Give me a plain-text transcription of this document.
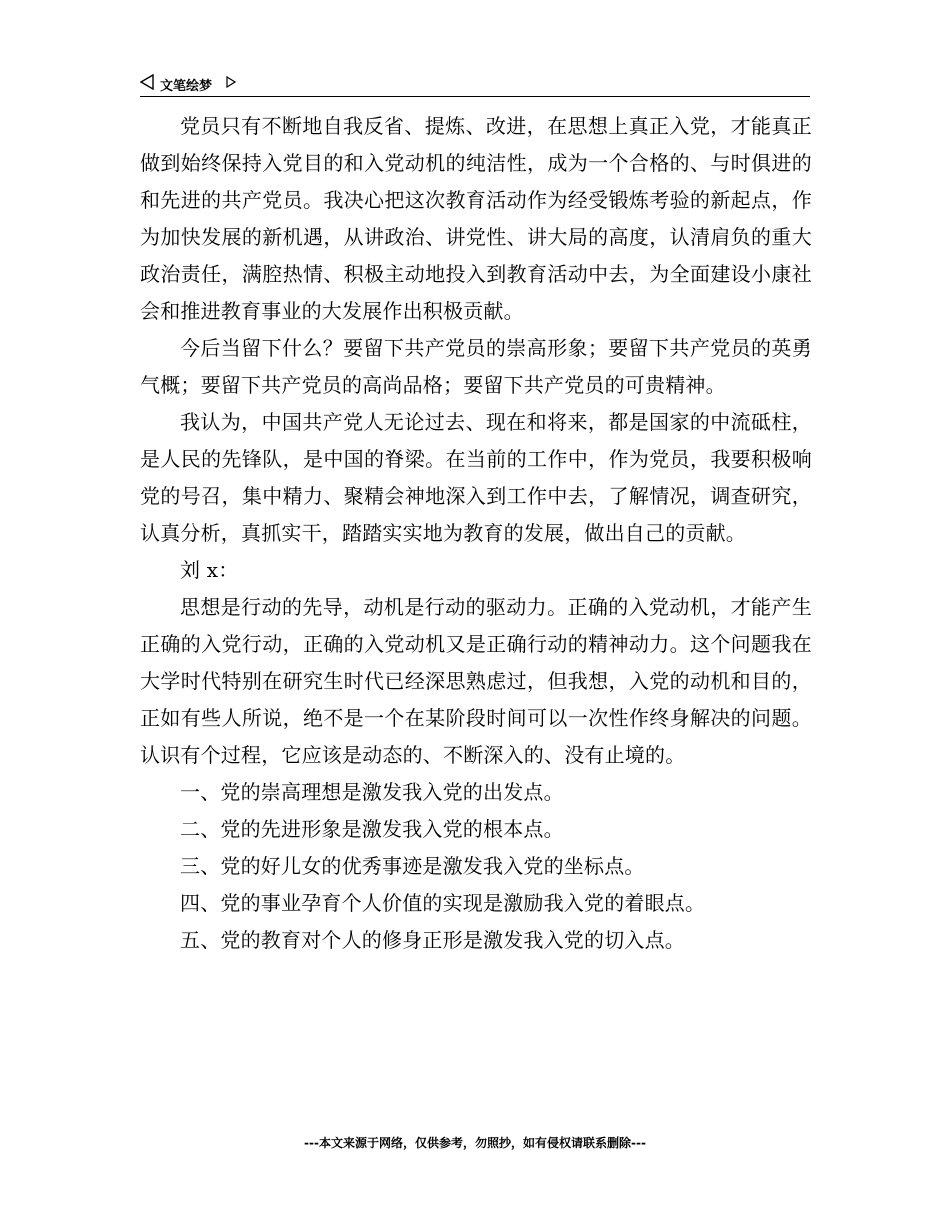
文笔绘梦

党员只有不断地自我反省、提炼、改进，在思想上真正入党，才能真正做到始终保持入党目的和入党动机的纯洁性，成为一个合格的、与时俱进的和先进的共产党员。我决心把这次教育活动作为经受锻炼考验的新起点，作为加快发展的新机遇，从讲政治、讲党性、讲大局的高度，认清肩负的重大政治责任，满腔热情、积极主动地投入到教育活动中去，为全面建设小康社会和推进教育事业的大发展作出积极贡献。

今后当留下什么？要留下共产党员的崇高形象；要留下共产党员的英勇气概；要留下共产党员的高尚品格；要留下共产党员的可贵精神。

我认为，中国共产党人无论过去、现在和将来，都是国家的中流砥柱，是人民的先锋队，是中国的脊梁。在当前的工作中，作为党员，我要积极响党的号召，集中精力、聚精会神地深入到工作中去，了解情况，调查研究，认真分析，真抓实干，踏踏实实地为教育的发展，做出自己的贡献。

刘 x：

思想是行动的先导，动机是行动的驱动力。正确的入党动机，才能产生正确的入党行动，正确的入党动机又是正确行动的精神动力。这个问题我在大学时代特别在研究生时代已经深思熟虑过，但我想，入党的动机和目的，正如有些人所说，绝不是一个在某阶段时间可以一次性作终身解决的问题。认识有个过程，它应该是动态的、不断深入的、没有止境的。

一、党的崇高理想是激发我入党的出发点。

二、党的先进形象是激发我入党的根本点。

三、党的好儿女的优秀事迹是激发我入党的坐标点。

四、党的事业孕育个人价值的实现是激励我入党的着眼点。

五、党的教育对个人的修身正形是激发我入党的切入点。

---本文来源于网络，仅供参考，勿照抄，如有侵权请联系删除---
